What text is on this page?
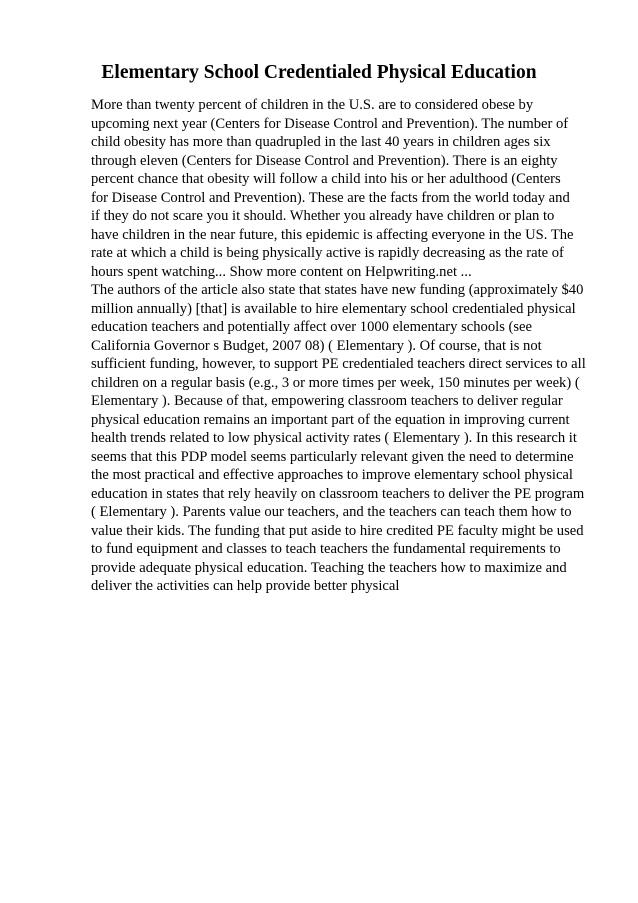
Elementary School Credentialed Physical Education
More than twenty percent of children in the U.S. are to considered obese by
upcoming next year (Centers for Disease Control and Prevention). The number of
child obesity has more than quadrupled in the last 40 years in children ages six
through eleven (Centers for Disease Control and Prevention). There is an eighty
percent chance that obesity will follow a child into his or her adulthood (Centers
for Disease Control and Prevention). These are the facts from the world today and
if they do not scare you it should. Whether you already have children or plan to
have children in the near future, this epidemic is affecting everyone in the US. The
rate at which a child is being physically active is rapidly decreasing as the rate of
hours spent watching... Show more content on Helpwriting.net ...
The authors of the article also state that states have new funding (approximately $40
million annually) [that] is available to hire elementary school credentialed physical
education teachers and potentially affect over 1000 elementary schools (see
California Governor s Budget, 2007 08) ( Elementary ). Of course, that is not
sufficient funding, however, to support PE credentialed teachers direct services to all
children on a regular basis (e.g., 3 or more times per week, 150 minutes per week) (
Elementary ). Because of that, empowering classroom teachers to deliver regular
physical education remains an important part of the equation in improving current
health trends related to low physical activity rates ( Elementary ). In this research it
seems that this PDP model seems particularly relevant given the need to determine
the most practical and effective approaches to improve elementary school physical
education in states that rely heavily on classroom teachers to deliver the PE program
( Elementary ). Parents value our teachers, and the teachers can teach them how to
value their kids. The funding that put aside to hire credited PE faculty might be used
to fund equipment and classes to teach teachers the fundamental requirements to
provide adequate physical education. Teaching the teachers how to maximize and
deliver the activities can help provide better physical
